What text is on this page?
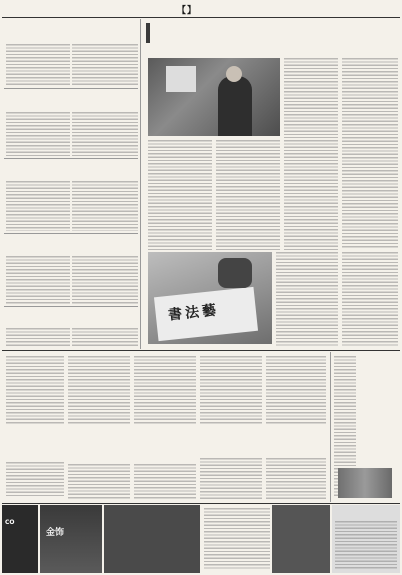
【】
書法藝
CO
金饰
